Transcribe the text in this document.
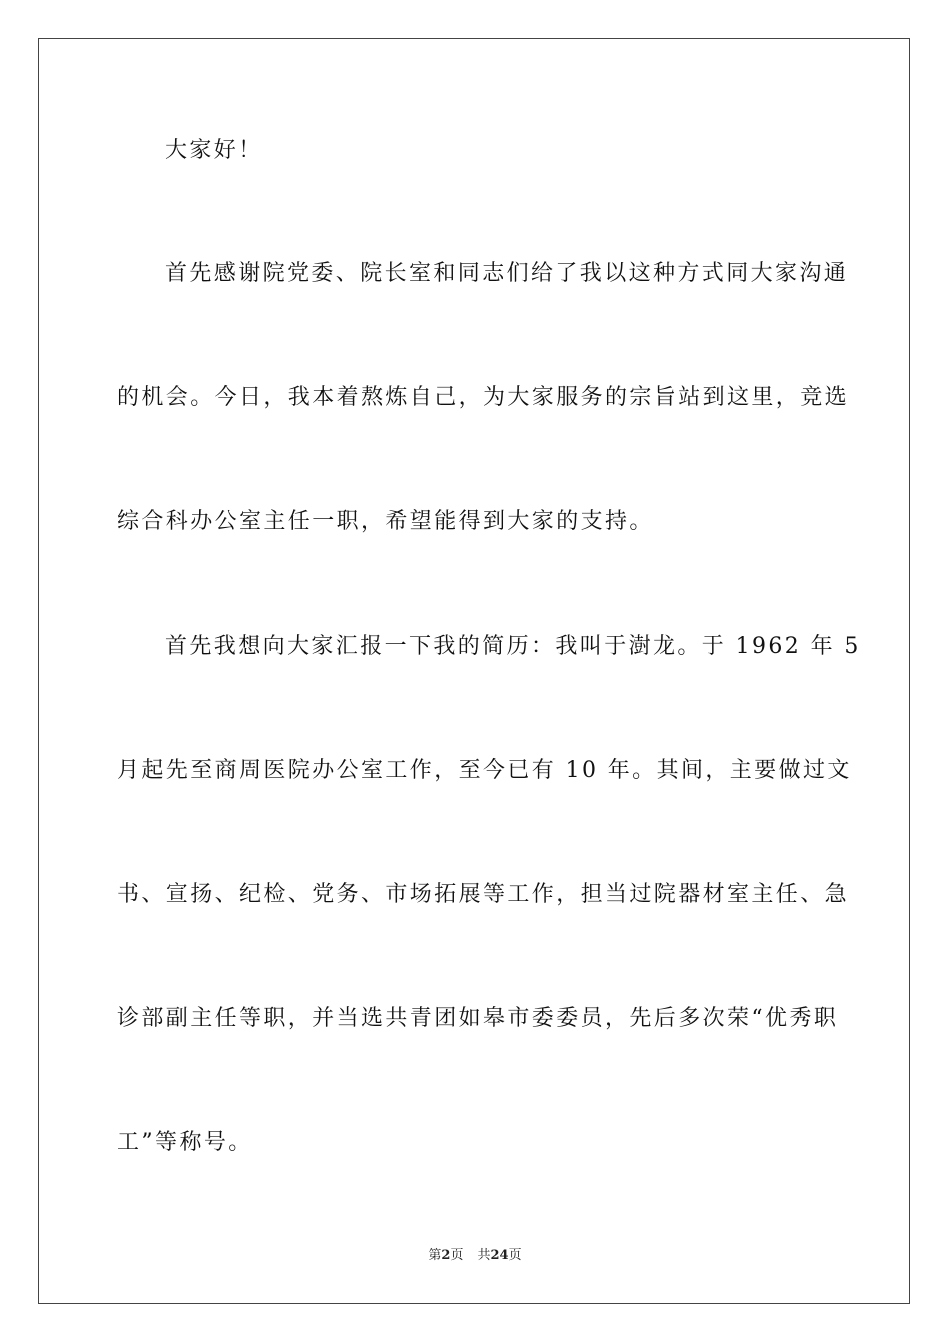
大家好！
首先感谢院党委、院长室和同志们给了我以这种方式同大家沟通
的机会。今日，我本着熬炼自己，为大家服务的宗旨站到这里，竞选
综合科办公室主任一职，希望能得到大家的支持。
首先我想向大家汇报一下我的简历：我叫于澍龙。于 1962 年 5
月起先至商周医院办公室工作，至今已有 10 年。其间，主要做过文
书、宣扬、纪检、党务、市场拓展等工作，担当过院器材室主任、急
诊部副主任等职，并当选共青团如皋市委委员，先后多次荣“优秀职
工”等称号。
第2页 共24页
